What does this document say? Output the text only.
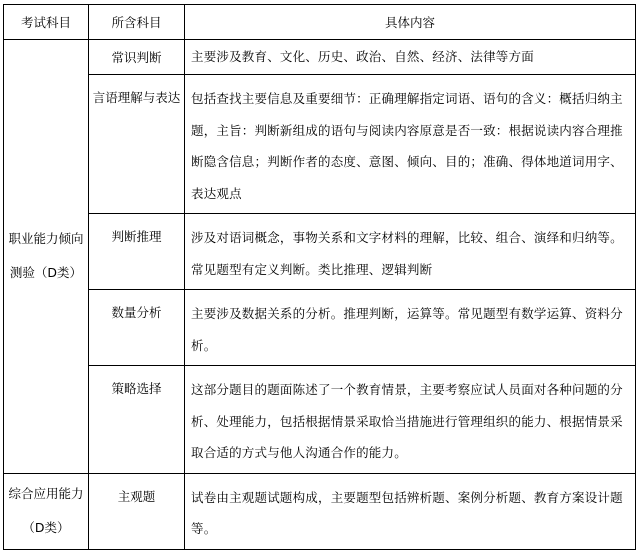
考试科目	所含科目	具体内容
职业能力倾向测验（D类）	常识判断	主要涉及教育、文化、历史、政治、自然、经济、法律等方面
	言语理解与表达	包括查找主要信息及重要细节：正确理解指定词语、语句的含义：概括归纳主题，主旨：判断新组成的语句与阅读内容原意是否一致：根据说读内容合理推断隐含信息；判断作者的态度、意图、倾向、目的；准确、得体地道词用字、表达观点
	判断推理	涉及对语词概念，事物关系和文字材料的理解，比较、组合、演绎和归纳等。常见题型有定义判断。类比推理、逻辑判断
	数量分析	主要涉及数据关系的分析。推理判断，运算等。常见题型有数学运算、资料分析。
	策略选择	这部分题目的题面陈述了一个教育情景，主要考察应试人员面对各种问题的分析、处理能力，包括根据情景采取恰当措施进行管理组织的能力、根据情景采取合适的方式与他人沟通合作的能力。
综合应用能力（D类）	主观题	试卷由主观题试题构成，主要题型包括辨析题、案例分析题、教育方案设计题等。
